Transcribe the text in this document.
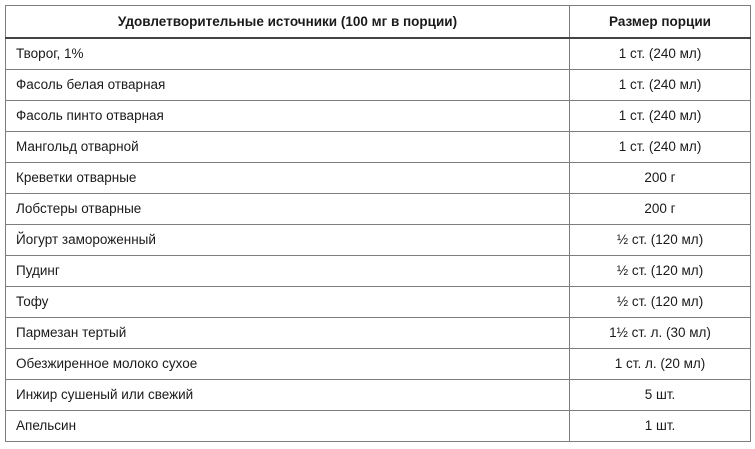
Удовлетворительные источники (100 мг в порции)	Размер порции
Творог, 1%	1 ст. (240 мл)
Фасоль белая отварная	1 ст. (240 мл)
Фасоль пинто отварная	1 ст. (240 мл)
Мангольд отварной	1 ст. (240 мл)
Креветки отварные	200 г
Лобстеры отварные	200 г
Йогурт замороженный	½ ст. (120 мл)
Пудинг	½ ст. (120 мл)
Тофу	½ ст. (120 мл)
Пармезан тертый	1½ ст. л. (30 мл)
Обезжиренное молоко сухое	1 ст. л. (20 мл)
Инжир сушеный или свежий	5 шт.
Апельсин	1 шт.
